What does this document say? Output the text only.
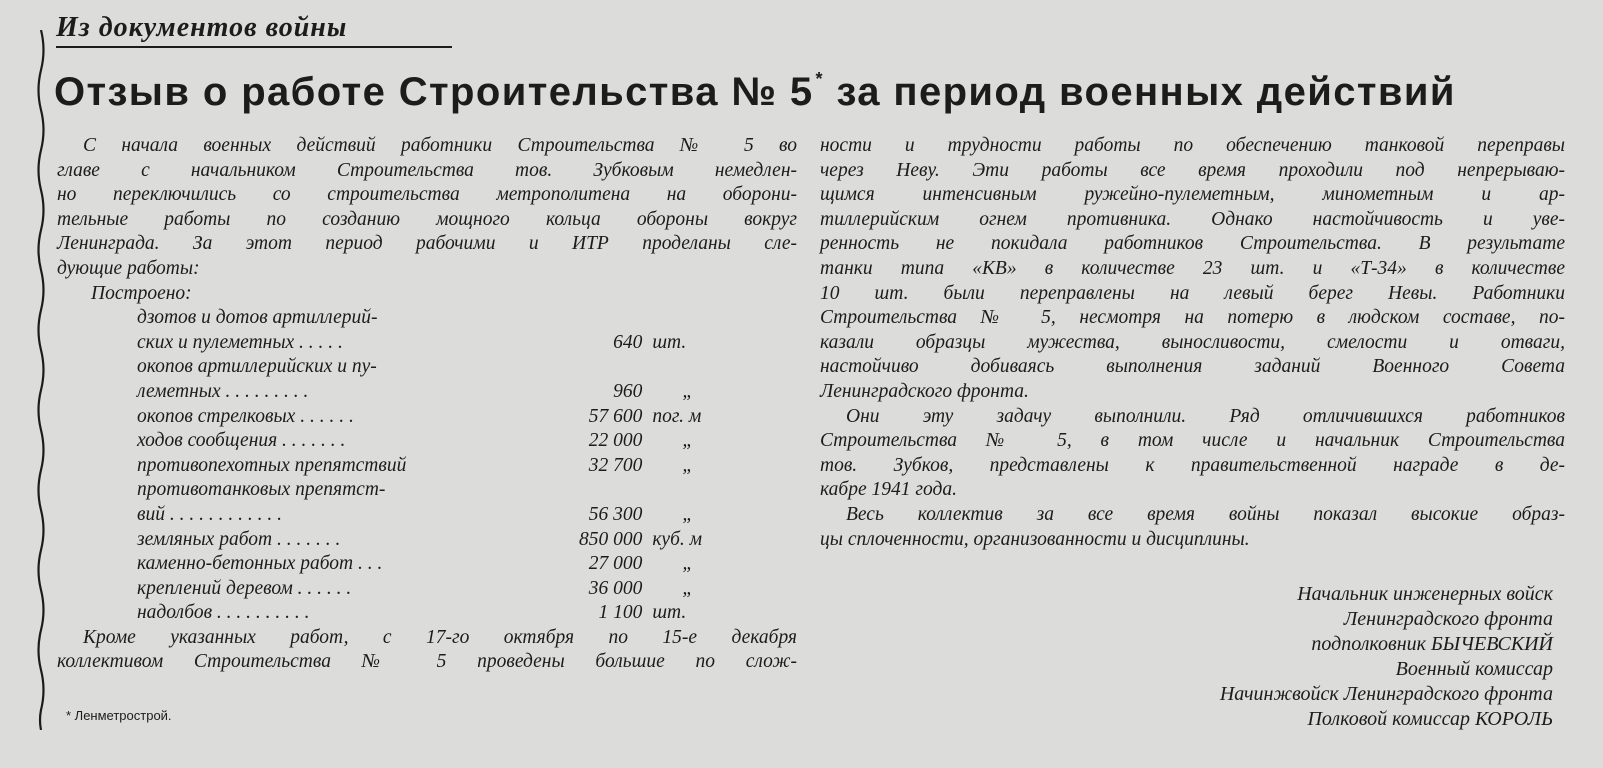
Из документов войны
Отзыв о работе Строительства № 5 * за период военных действий

С начала военных действий работники Строительства № 5 во

главе с начальником Строительства тов. Зубковым немедлен-

но переключились со строительства метрополитена на оборони-

тельные работы по созданию мощного кольца обороны вокруг

Ленинграда. За этот период рабочими и ИТР проделаны сле-

дующие работы:

Построено:

дзотов и дотов артиллерий-		
ских и пулеметных . . . . .	640	шт.
окопов артиллерийских и пу-		
леметных . . . . . . . . .	960	„
окопов стрелковых . . . . . .	57 600	пог. м
ходов сообщения . . . . . . .	22 000	„
противопехотных препятствий	32 700	„
противотанковых препятст-		
вий . . . . . . . . . . . .	56 300	„
земляных работ . . . . . . .	850 000	куб. м
каменно-бетонных работ . . .	27 000	„
креплений деревом . . . . . .	36 000	„
надолбов . . . . . . . . . .	1 100	шт.

Кроме указанных работ, с 17-го октября по 15-е декабря

коллективом Строительства № 5 проведены большие по слож-

ности и трудности работы по обеспечению танковой переправы

через Неву. Эти работы все время проходили под непрерываю-

щимся интенсивным ружейно-пулеметным, минометным и ар-

тиллерийским огнем противника. Однако настойчивость и уве-

ренность не покидала работников Строительства. В результате

танки типа «КВ» в количестве 23 шт. и «Т-34» в количестве

10 шт. были переправлены на левый берег Невы. Работники

Строительства № 5, несмотря на потерю в людском составе, по-

казали образцы мужества, выносливости, смелости и отваги,

настойчиво добиваясь выполнения заданий Военного Совета

Ленинградского фронта.

Они эту задачу выполнили. Ряд отличившихся работников

Строительства № 5, в том числе и начальник Строительства

тов. Зубков, представлены к правительственной награде в де-

кабре 1941 года.

Весь коллектив за все время войны показал высокие образ-

цы сплоченности, организованности и дисциплины.

Начальник инженерных войск
Ленинградского фронта
подполковник БЫЧЕВСКИЙ
Военный комиссар
Начинжвойск Ленинградского фронта
Полковой комиссар КОРОЛЬ
* Ленметрострой.
